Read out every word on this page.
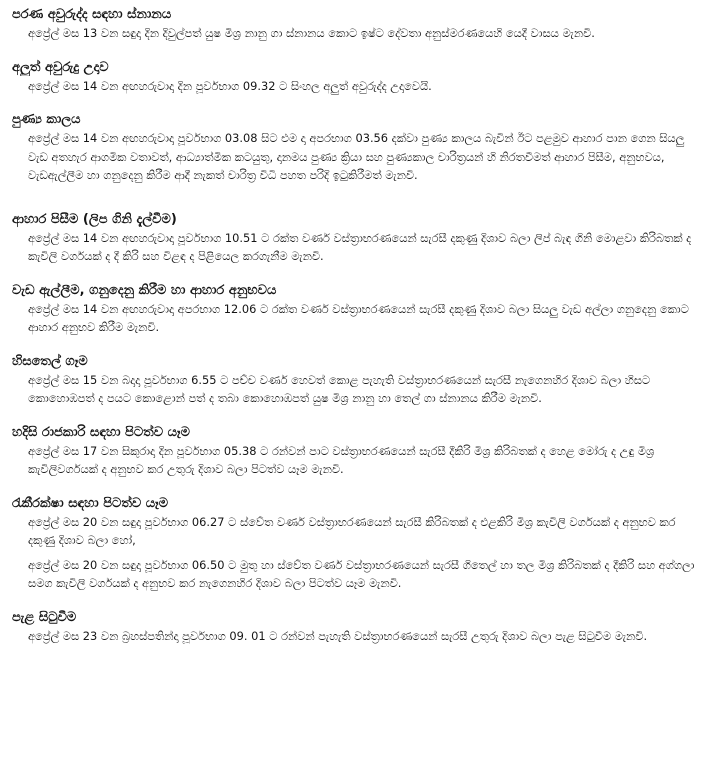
පරණ අවුරුද්ද සඳහා ස්නානය
අප්‍රේල් මස 13 වන සඳුදා දින දිවුල්පත් යුෂ මිශ්‍ර නානු ගා ස්නානය කොට ඉෂ්ට දේවතා අනුස්මරණයෙහි යෙදී වාසය මැනවි.
අලුත් අවුරුදු උදාව
අප්‍රේල් මස 14 වන අඟහරුවාදා දින පූර්වභාග 09.32 ට සිංහල අලුත් අවුරුද්ද උදාවෙයි.
පුණ්‍ය කාලය
අප්‍රේල් මස 14 වන අඟහරුවාදා පූර්වභාග 03.08 සිට එම දා අපරභාග 03.56 දක්වා පුණ්‍ය කාලය බැවින් ඊට පළමුව ආහාර පාන ගෙන සියලු වැඩ අතහැර ආගමික වතාවත්, ආධ්‍යාත්මික කටයුතු, දානමය පුණ්‍ය ක්‍රියා සහ පුණ්‍යකාල චාරිත්‍රයන් හි නිරතවීමත් ආහාර පිසීම, අනුභවය, වැඩඇල්ලීම හා ගනුදෙනු කිරීම ආදී නැකත් චාරිත්‍ර විධි පහත පරිදි ඉටුකිරීමත් මැනවි.
ආහාර පිසීම (ලිප ගිනි දැල්වීම)
අප්‍රේල් මස 14 වන අඟහරුවාදා පූර්වභාග 10.51 ට රක්ත වර්ණ වස්ත්‍රාභරණයෙන් සැරසී දකුණු දිශාව බලා ලිප් බැඳ ගිනි මොළවා කිරිබතක් ද කැවිලි වර්ගයක් ද දී කිරි සහ විළඳ ද පිළියෙල කරගැනීම මැනවි.
වැඩ ඇල්ලීම, ගනුදෙනු කිරීම හා ආහාර අනුභවය
අප්‍රේල් මස 14 වන අඟහරුවාදා අපරභාග 12.06 ට රක්ත වර්ණ වස්ත්‍රාභරණයෙන් සැරසී දකුණු දිශාව බලා සියලු වැඩ අල්ලා ගනුදෙනු කොට ආහාර අනුභව කිරීම මැනවි.
හිසතෙල් ගෑම
අප්‍රේල් මස 15 වන බදාදා පූර්වභාග 6.55 ට පච්ච වර්ණ හෙවත් කොළ පැහැති වස්ත්‍රාභරණයෙන් සැරසී නැගෙනහිර දිශාව බලා හිසට කොහොඹපත් ද පයට කොළොන් පත් ද තබා කොහොඹපත් යුෂ මිශ්‍ර නානු හා තෙල් ගා ස්නානය කිරීම මැනවි.
හදිසි රාජකාරි සඳහා පිටත්ව යෑම
අප්‍රේල් මස 17 වන සිකුරාදා දින පූර්වභාග 05.38 ට රන්වන් පාට වස්ත්‍රාභරණයෙන් සැරසී දීකිරි මිශ්‍ර කිරිබතක් ද හෙළ මෝරු ද උඳු මිශ්‍ර කැවිලිවර්ගයක් ද අනුභව කර උතුරු දිශාව බලා පිටත්ව යෑම මැනවි.
රැකීරක්ෂා සඳහා පිටත්ව යෑම
අප්‍රේල් මස 20 වන සඳුදා පූර්වභාග 06.27 ට ස්වේත වර්ණ වස්ත්‍රාභරණයෙන් සැරසී කිරිබතක් ද එළකිරි මිශ්‍ර කැවිලි වර්ගයක් ද අනුභව කර දකුණු දිශාව බලා හෝ,
අප්‍රේල් මස 20 වන සඳුදා පූර්වභාග 06.50 ට මුතු හා ස්වේත වර්ණ වස්ත්‍රාභරණයෙන් සැරසී ගිතෙල් හා තල මිශ්‍ර කිරිබතක් ද දීකිරි සහ අග්ගලා සමග කැවිලි වර්ගයක් ද අනුභව කර නැගෙනහිර දිශාව බලා පිටත්ව යෑම මැනවි.
පැළ සිටුවීම
අප්‍රේල් මස 23 වන බ්‍රහස්පතින්දා පූර්වභාග 09. 01 ට රන්වන් පැහැති වස්ත්‍රාභරණයෙන් සැරසී උතුරු දිශාව බලා පැළ සිටුවීම මැනවි.
